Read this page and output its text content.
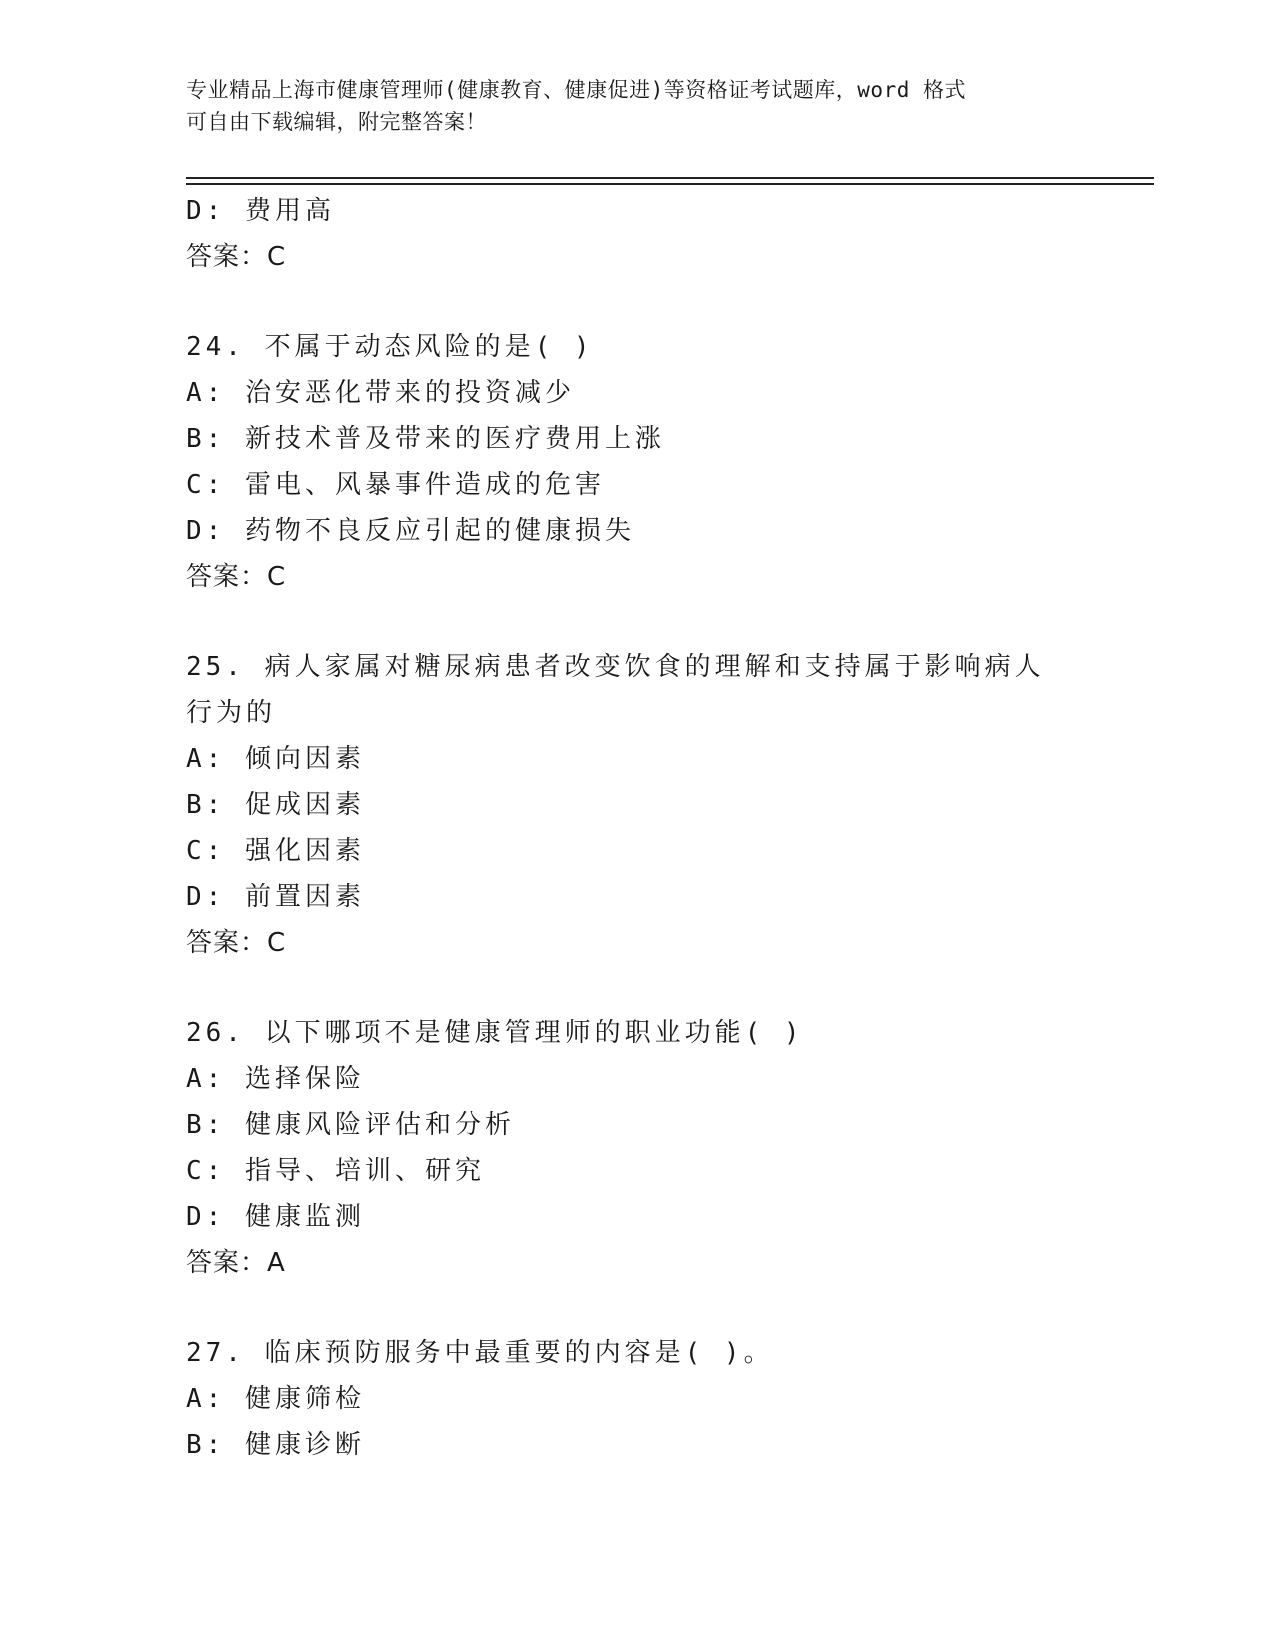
专业精品上海市健康管理师(健康教育、健康促进)等资格证考试题库，word 格式
可自由下载编辑，附完整答案！
D: 费用高
答案：C
24. 不属于动态风险的是( )
A: 治安恶化带来的投资减少
B: 新技术普及带来的医疗费用上涨
C: 雷电、风暴事件造成的危害
D: 药物不良反应引起的健康损失
答案：C
25. 病人家属对糖尿病患者改变饮食的理解和支持属于影响病人行为的
A: 倾向因素
B: 促成因素
C: 强化因素
D: 前置因素
答案：C
26. 以下哪项不是健康管理师的职业功能( )
A: 选择保险
B: 健康风险评估和分析
C: 指导、培训、研究
D: 健康监测
答案：A
27. 临床预防服务中最重要的内容是( )。
A: 健康筛检
B: 健康诊断
